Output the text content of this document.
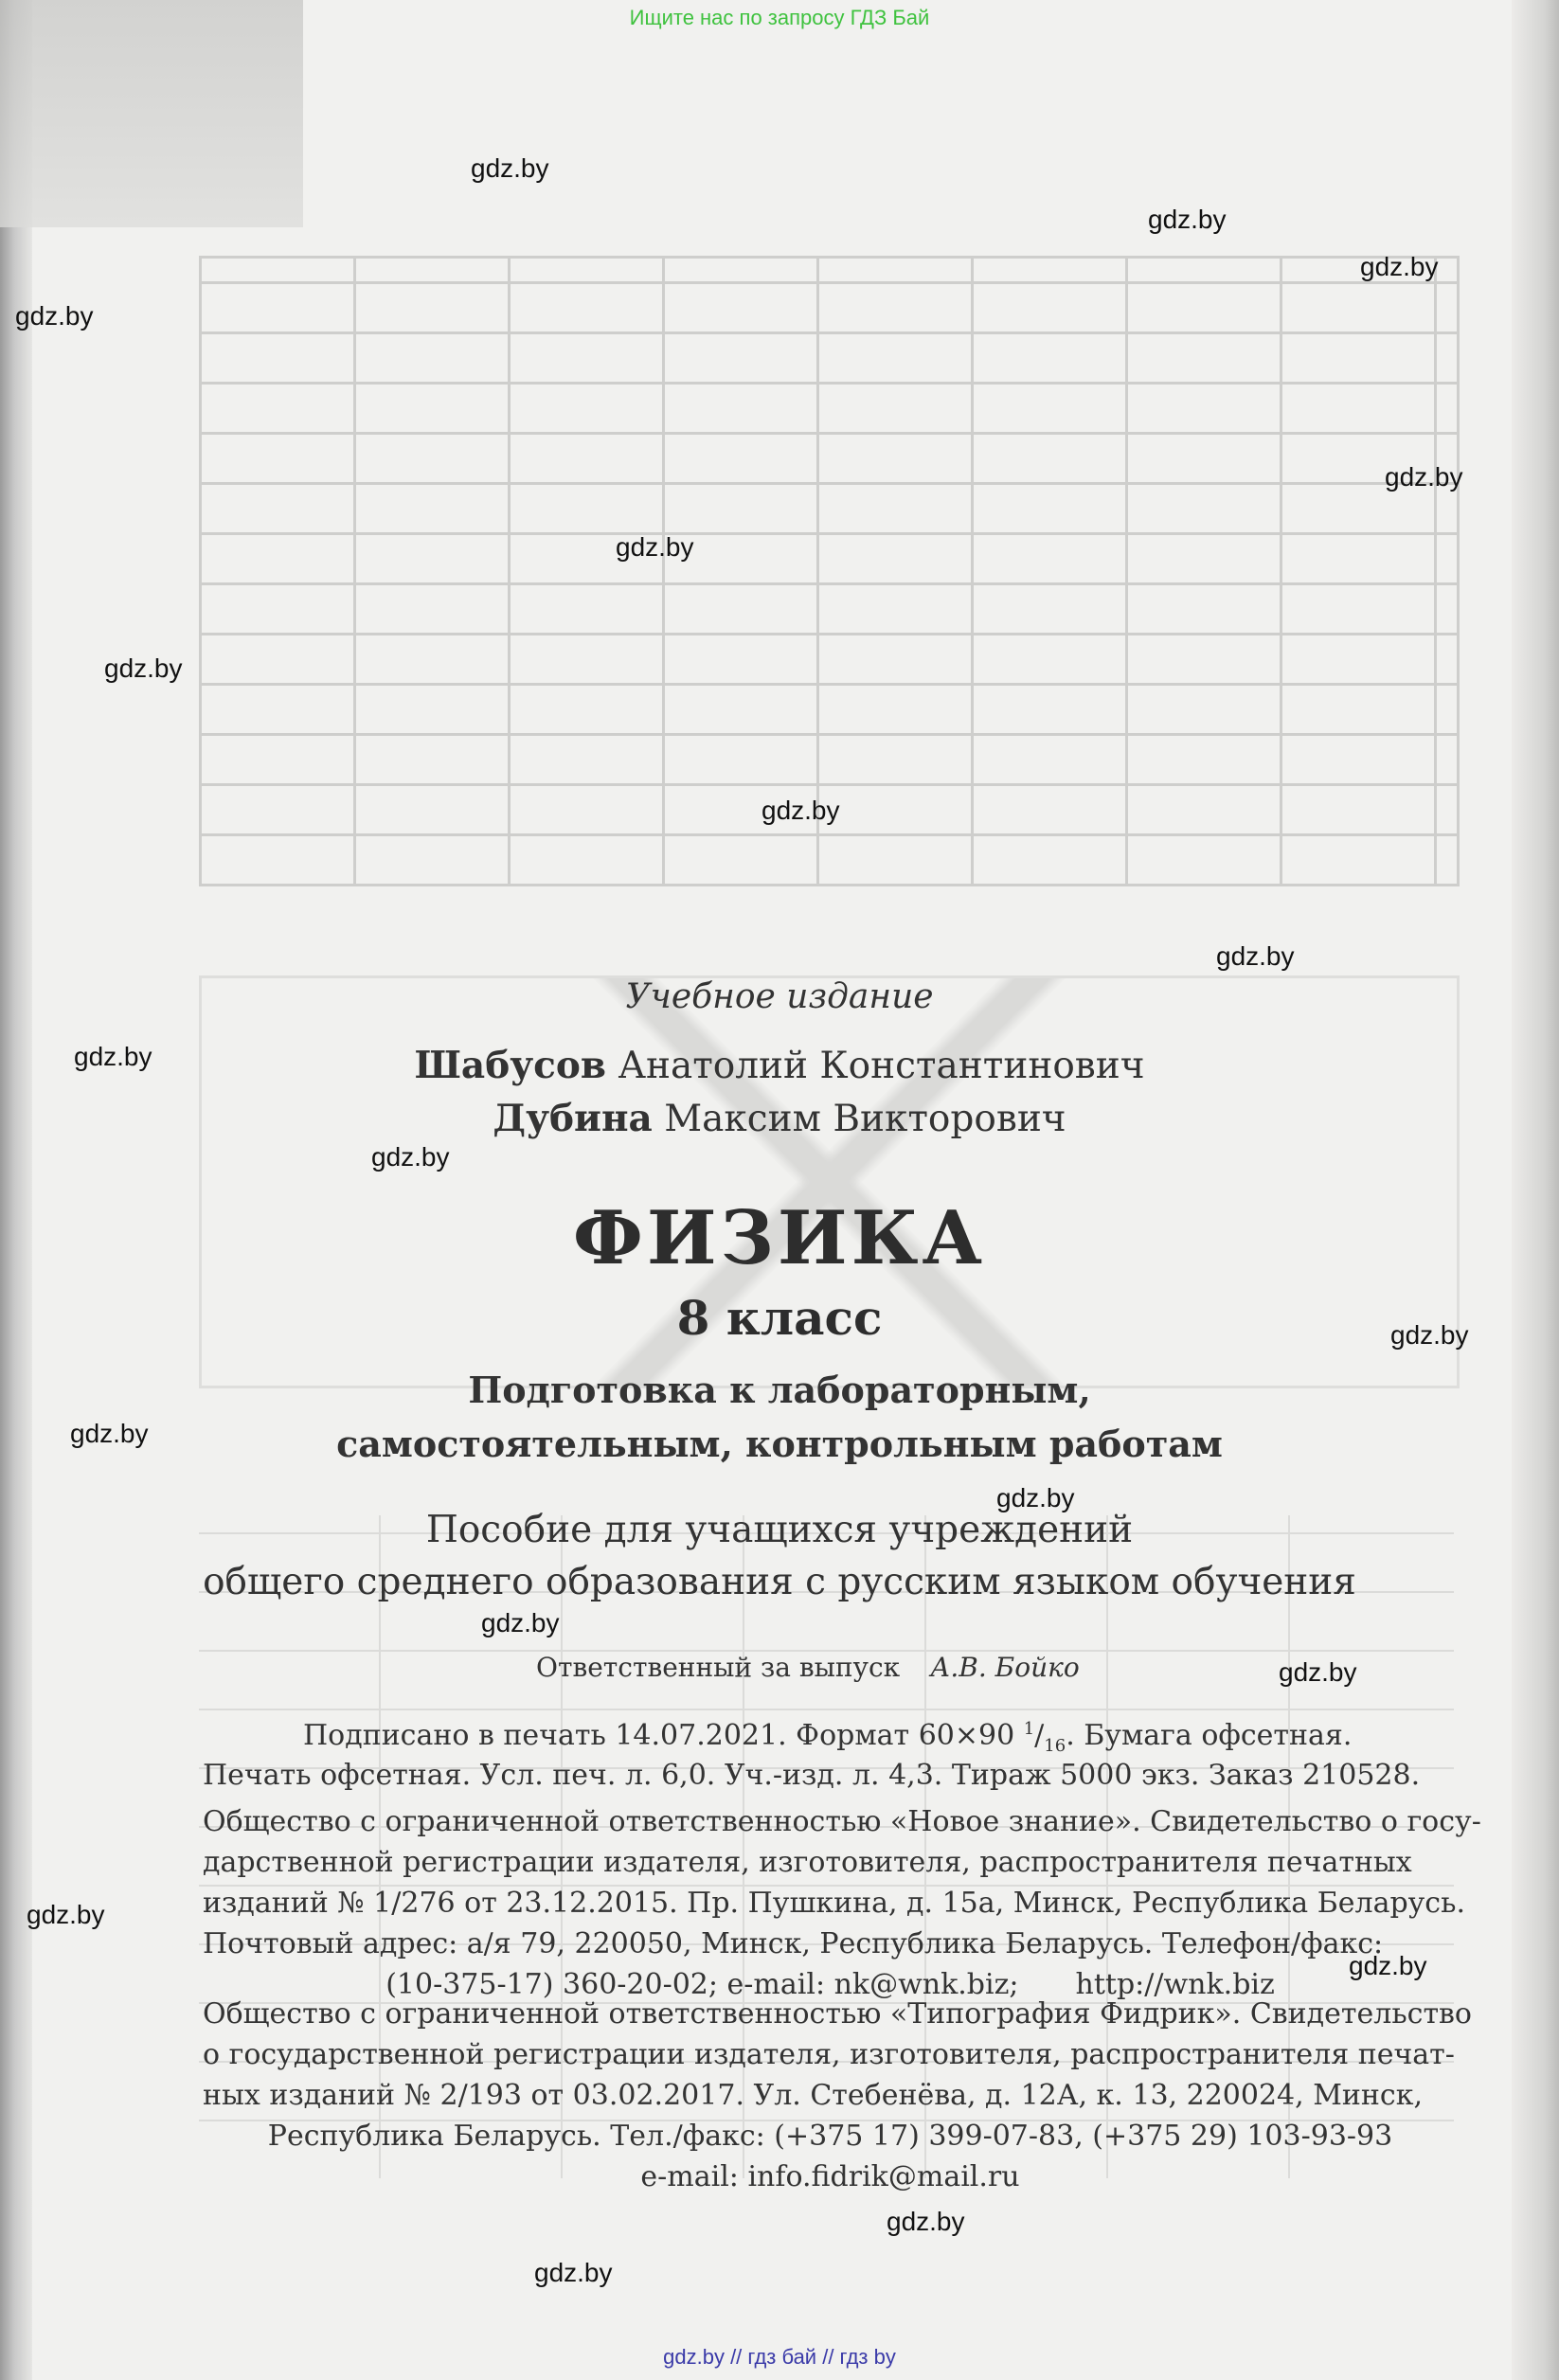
Ищите нас по запросу ГДЗ Бай
gdz.by
gdz.by
gdz.by
gdz.by
gdz.by
gdz.by
gdz.by
gdz.by
gdz.by
gdz.by
gdz.by
gdz.by
gdz.by
gdz.by
gdz.by
gdz.by
gdz.by
gdz.by
gdz.by
gdz.by
Учебное издание
Шабусов Анатолий Константинович
Дубина Максим Викторович
ФИЗИКА
8 класс
Подготовка к лабораторным,
самостоятельным, контрольным работам
Пособие для учащихся учреждений
общего среднего образования с русским языком обучения
Ответственный за выпуск А.В. Бойко
Подписано в печать 14.07.2021. Формат 60×90 $^1/_{16}$. Бумага офсетная.
Печать офсетная. Усл. печ. л. 6,0. Уч.-изд. л. 4,3. Тираж 5000 экз. Заказ 210528.
Общество с ограниченной ответственностью «Новое знание». Свидетельство о госу-
дарственной регистрации издателя, изготовителя, распространителя печатных
изданий № 1/276 от 23.12.2015. Пр. Пушкина, д. 15а, Минск, Республика Беларусь.
Почтовый адрес: а/я 79, 220050, Минск, Республика Беларусь. Телефон/факс:
(10-375-17) 360-20-02; e-mail: nk@wnk.biz; http://wnk.biz
Общество с ограниченной ответственностью «Типография Фидрик». Свидетельство
о государственной регистрации издателя, изготовителя, распространителя печат-
ных изданий № 2/193 от 03.02.2017. Ул. Стебенёва, д. 12А, к. 13, 220024, Минск,
Республика Беларусь. Тел./факс: (+375 17) 399-07-83, (+375 29) 103-93-93
e-mail: info.fidrik@mail.ru
gdz.by // гдз бай // гдз by
